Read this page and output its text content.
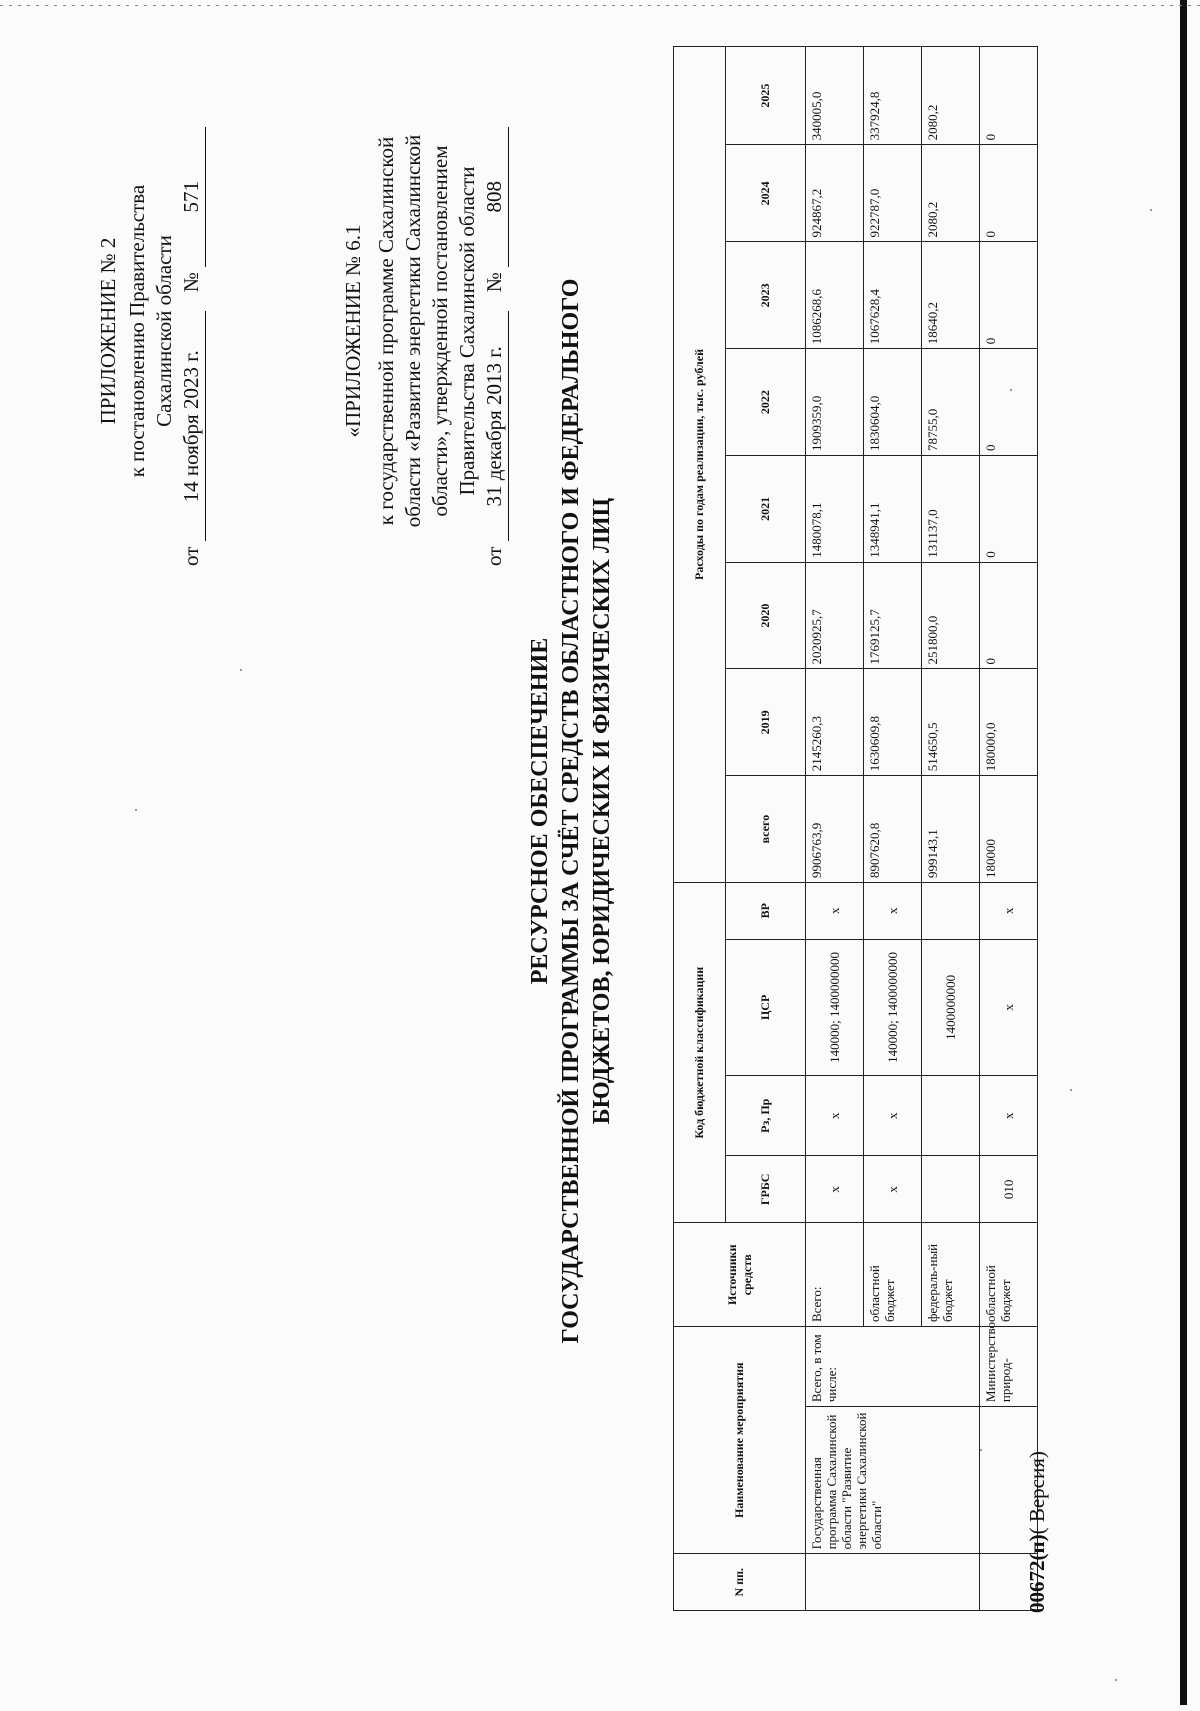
ПРИЛОЖЕНИЕ № 2 к постановлению Правительства Сахалинской области
от 14 ноября 2023 г. № 571
«ПРИЛОЖЕНИЕ № 6.1 к государственной программе Сахалинской области «Развитие энергетики Сахалинской области», утвержденной постановлением Правительства Сахалинской области
от 31 декабря 2013 г. № 808
РЕСУРСНОЕ ОБЕСПЕЧЕНИЕ ГОСУДАРСТВЕННОЙ ПРОГРАММЫ ЗА СЧЁТ СРЕДСТВ ОБЛАСТНОГО И ФЕДЕРАЛЬНОГО БЮДЖЕТОВ, ЮРИДИЧЕСКИХ И ФИЗИЧЕСКИХ ЛИЦ
N пп.	Наименование мероприятия		Источники средств	Код бюджетной классификации				Расходы по годам реализации, тыс. рублей							
				ГРБС	Рз, Пр	ЦСР	ВР	всего	2019	2020	2021	2022	2023	2024	2025
	Государственная программа Сахалинской области "Развитие энергетики Сахалинской области"	Всего, в том числе:	Всего:	х	х	140000; 1400000000	х	9906763,9	2145260,3	2020925,7	1480078,1	1909359,0	1086268,6	924867,2	340005,0
			областной бюджет	х	х	140000; 1400000000	х	8907620,8	1630609,8	1769125,7	1348941,1	1830604,0	1067628,4	922787,0	337924,8
			федераль-ный бюджет			1400000000		999143,1	514650,5	251800,0	131137,0	78755,0	18640,2	2080,2	2080,2
		Министерство природ-	областной бюджет	010	х	х	х	180000	180000,0	0	0	0	0	0	0
00672(п)( Версия)
